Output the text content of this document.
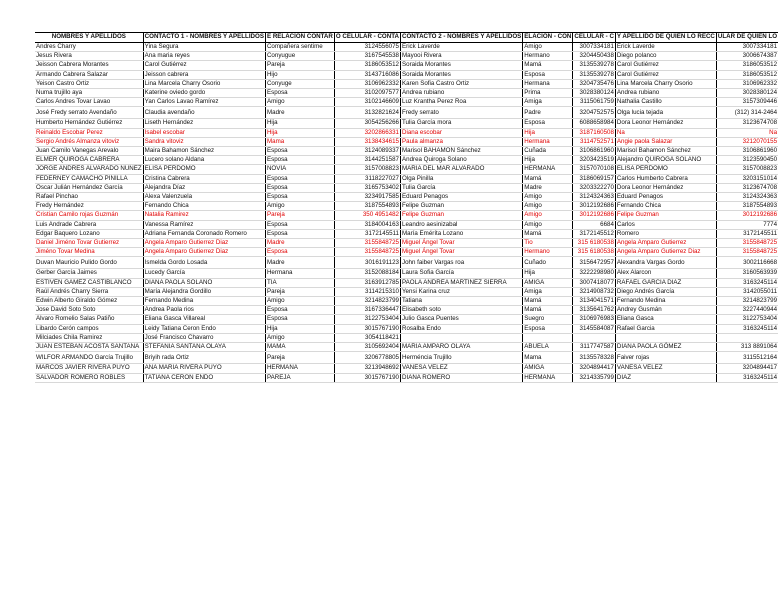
NOMBRES Y APELLIDOS	CONTACTO 1 - NOMBRES Y APELLIDOS	E RELACION CONTAR	O CELULAR - CONTA	CONTACTO 2 - NOMBRES Y APELLIDOS	ELACION - CON	CELULAR - C	Y APELLIDO DE QUIEN LO RECC	ULAR DE QUIEN LO
Andres Charry	Yina Segura	Compañera sentime	3124556075	Erick Laverde	Amigo	3007334181	Erick Laverde	3007334181
Jesus Rivera	Ana maria reyes	Conyugue	3167545538	Mayooi Rivera	Hermano	3204450438	Diego polanco	3006674387
Jeisson Cabrera Morantes	Carol Gutiérrez	Pareja	3186053512	Soraida Morantes	Mamá	3135539278	Carol Gutiérrez	3186053512
Armando Cabrera Salazar	Jeisson cabrera	Hijo	3143716086	Soraida Morantes	Esposa	3135539278	Carol Gutiérrez	3186053512
Yeison Castro Ortiz	Lina Marcela Charry Osorio	Conyuge	3106962332	Karen Sofia Castro Ortiz	Hermana	3204735476	Lina Marcela Charry Osorio	3106962332
Numa trujillo aya	Katerine oviedo gordo	Esposa	3102097577	Andrea rubiano	Prima	3028380124	Andrea rubiano	3028380124
Carlos Andres Tovar Lavao	Yan Carlos Lavao Ramírez	Amigo	3102146609	Luz Krantha Perez Roa	Amiga	3115061759	Nathalia Castillo	3157309446
José Fredy serrato Avendaño	Claudia avendaño	Madre	3132821624	Fredy serrato	Padre	3204752575	Olga lucia tejada	(312) 314-2464
Humberto Hernández Gutiérrez	Liseth Hernández	Hija	3054256266	Tulia García mora	Esposa	6088658984	Dora Leonor Hernández	3123674708
Reinaldo Escobar Perez	Isabel escobar	Hija	3202866331	Diana escobar	Hija	3187160508	Na	Na
Sergio Andrés Almanza vitoviz	Sandra vitoviz	Mama	3138434615	Paula almanza	Hermana	3114752571	Angie paola Salazar	3212070155
Juan Camilo Vanegas Arevalo	Maira Bahamon Sánchez	Esposa	3124089337	Marisol BAHAMON Sánchez	Cuñada	3106861960	Marisol Bahamon Sánchez	3106861960
ELMER QUIROGA CABRERA	Lucero solano Aldana	Esposa	3144251587	Andrea Quiroga Solano	Hija	3203423519	Alejandro QUIROGA SOLANO	3123590450
JORGE ANDRES ALVARADO NUNEZ	ELISA PERDOMO	NOVIA	3157008823	MARIA DEL MAR ALVARADO	HERMANA	3157070108	ELISA PERDOMO	3157008823
FEDERNEY CAMACHO PINILLA	Cristina Cabrera	Esposa	3118227027	Olga Pinilla	Mamá	3186069157	Carlos Humberto Cabrera	3203151014
Oscar Julián Hernández García	Alejandra Díaz	Esposa	3165753402	Tulia García	Madre	3203322270	Dora Leonor Hernández	3123674708
Rafael Pinchao	Alexa Valenzuela	Esposa	3234917585	Eduard Penagos	Amigo	3124324363	Eduard Penagos	3124324363
Fredy Hernández	Fernando Chica	Amigo	3187554893	Felipe Guzman	Amigo	3012192686	Fernando Chica	3187554893
Cristian Camilo rojas Guzmán	Natalia Ramirez	Pareja	350 4951482	Felipe Guzman	Amigo	3012192686	Felipe Guzman	3012192686
Luis Andrade Cabrera	Vanessa Ramírez	Esposa	3184004163	Leandro aesinizabal	Amigo	6684	Carlos	7774
Edgar Baquero Lozano	Adriana Fernanda Coronado Romero	Esposa	3172145511	María Eméríta Lozano	Mamá	3172145512	Romero	3172145511
Daniel Jiméno Tovar Gutierrez	Angela Amparo Gutierrez Diaz	Madre	3155848725	Miguel Ángel Tovar	Tio	315 6180538	Angela Amparo Gutierrez	3155848725
Jiméno Tovar Medina	Angela Amparo Gutierrez Diaz	Esposa	3155848725	Miguel Ángel Tovar	Hermano	315 6180538	Angela Amparo Gutierrez Diaz	3155848725
Duvan Mauricio Pulido Gordo	Ismelda Gordo Losada	Madre	3016191123	John faiber Vargas roa	Cuñado	3156472957	Alexandra Vargas Gordo	3002116668
Gerber García Jaimes	Lucedy García	Hermana	3152088184	Laura Sofia García	Hija	3222298980	Alex Alarcon	3160563939
ESTIVEN GAMEZ CASTIBLANCO	DIANA PAOLA SOLANO	TIA	3163912785	PAOLA ANDREA MARTINEZ SIERRA	AMIGA	3007418077	RAFAEL GARCIA DIAZ	3163245114
Raúl Andrés Charry Sierra	María Alejandra Gordillo	Pareja	3114215310	Yensi Karina cruz	Amiga	3214908732	Diego Andrés García	3142055011
Edwin Alberto Giraldo Gómez	Fernando Medina	Amigo	3214823799	Tatiana	Mamá	3134041571	Fernando Medina	3214823799
Jose David Soto Soto	Andrea Paola rios	Esposa	3167336447	Elisabeth soto	Mamá	3135641762	Andrey Gusmán	3227440944
Alvaro Romelio Salas Patiño	Eliana Gasca Villareal	Esposa	3122753404	Julio Gasca Puentes	Suegro	3106976983	Eliana Gasca	3122753404
Libardo Cerón campos	Leidy Tatiana Ceron Endo	Hija	3015767190	Rosalba Endo	Esposa	3145584087	Rafael Garcia	3163245114
Milciades Chila Ramirez	José Francisco Chavarro	Amigo	3054118421					
JUAN ESTEBAN ACOSTA SANTANA	STEFANIA SANTANA OLAYA	MAMA	3105692404	MARIA AMPARO OLAYA	ABUELA	3117747587	DIANA PAOLA GÓMEZ	313 8891064
WILFOR ARMANDO García Trujillo	Briyih rada Ortiz	Pareja	3206778805	Herméncia Trujillo	Mama	3135578328	Faiver rojas	3115512164
MARCOS JAVIER RIVERA PUYO	ANA MARIA RIVERA PUYO	HERMANA	3213948692	VANESA VELEZ	AMIGA	3204894417	VANESA VELEZ	3204894417
SALVADOR ROMERO ROBLES	TATIANA CERON ENDO	PAREJA	3015767190	DIANA ROMERO	HERMANA	3214335799	DIAZ	3163245114
